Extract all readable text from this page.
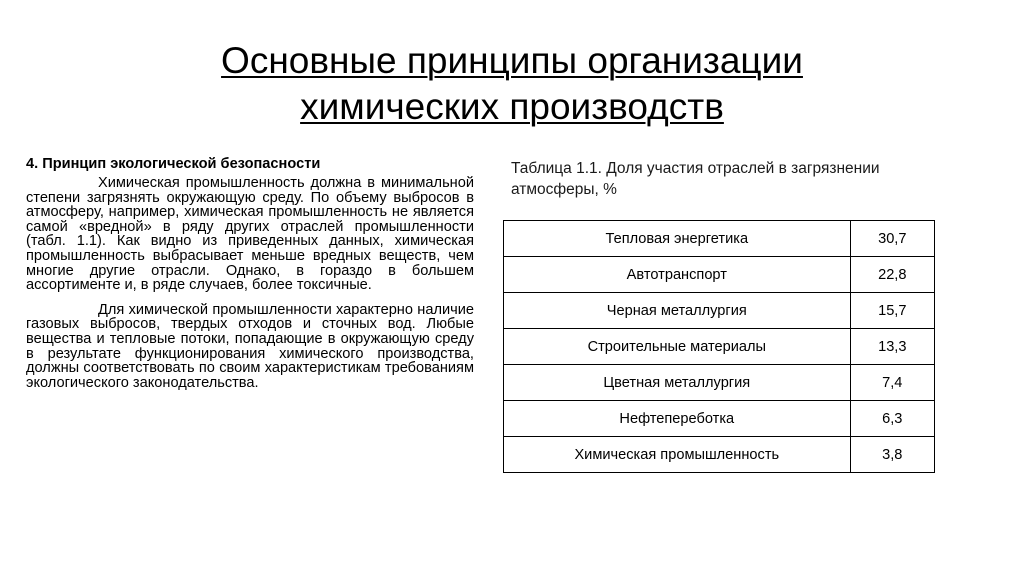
Основные принципы организации
химических производств
4. Принцип экологической безопасности

Химическая промышленность должна в минимальной степени загрязнять окружающую среду. По объему выбросов в атмосферу, например, химическая промышленность не является самой «вредной» в ряду других отраслей промышленности (табл. 1.1). Как видно из приведенных данных, химическая промышленность выбрасывает меньше вредных веществ, чем многие другие отрасли. Однако, в гораздо в большем ассортименте и, в ряде случаев, более токсичные.

Для химической промышленности характерно наличие газовых выбросов, твердых отходов и сточных вод. Любые вещества и тепловые потоки, попадающие в окружающую среду в результате функционирования химического производства, должны соответствовать по своим характеристикам требованиям экологического законодательства.

Таблица 1.1. Доля участия отраслей в загрязнении атмосферы, %
Тепловая энергетика	30,7
Автотранспорт	22,8
Черная металлургия	15,7
Строительные материалы	13,3
Цветная металлургия	7,4
Нефтепереботка	6,3
Химическая промышленность	3,8
